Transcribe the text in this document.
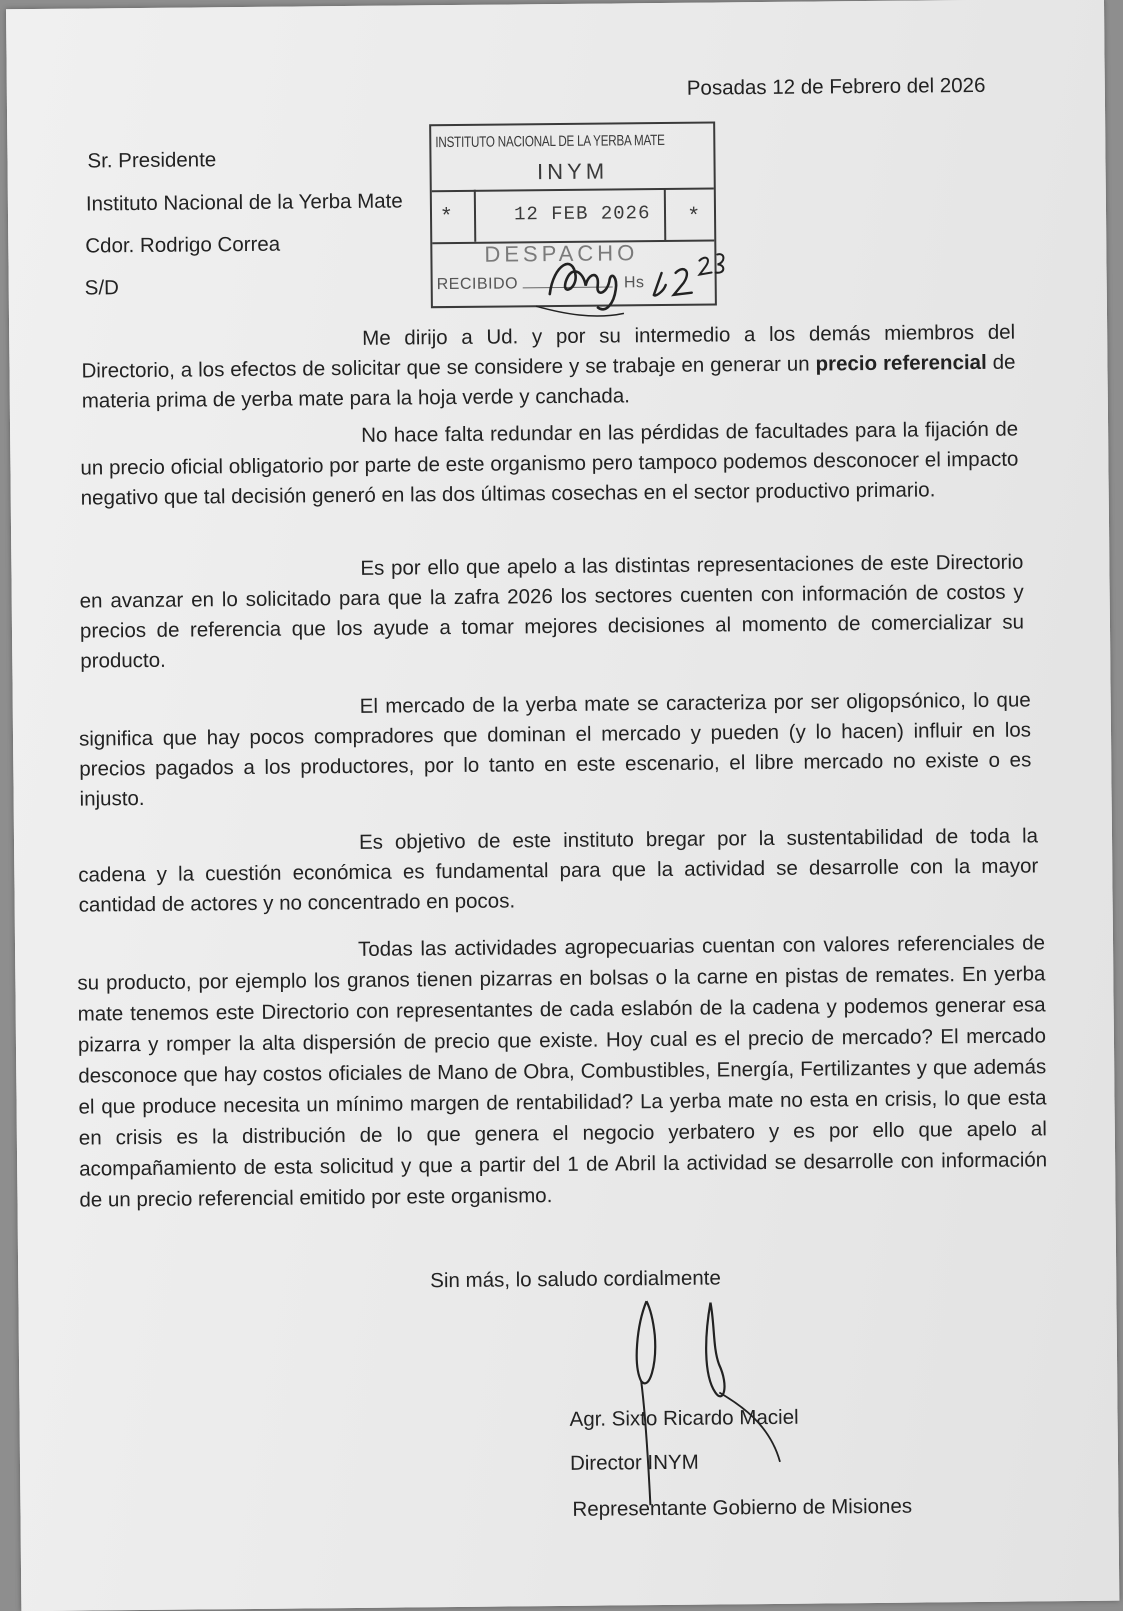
Posadas 12 de Febrero del 2026
Sr. Presidente
Instituto Nacional de la Yerba Mate
Cdor. Rodrigo Correa
S/D
INSTITUTO NACIONAL DE LA YERBA MATE
INYM
*	12 FEB 2026 *
DESPACHO
RECIBIDO	Hs
Me dirijo a Ud. y por su intermedio a los demás miembros del Directorio, a los efectos de solicitar que se considere y se trabaje en generar un precio referencial de materia prima de yerba mate para la hoja verde y canchada.
No hace falta redundar en las pérdidas de facultades para la fijación de un precio oficial obligatorio por parte de este organismo pero tampoco podemos desconocer el impacto negativo que tal decisión generó en las dos últimas cosechas en el sector productivo primario.
Es por ello que apelo a las distintas representaciones de este Directorio en avanzar en lo solicitado para que la zafra 2026 los sectores cuenten con información de costos y precios de referencia que los ayude a tomar mejores decisiones al momento de comercializar su producto.
El mercado de la yerba mate se caracteriza por ser oligopsónico, lo que significa que hay pocos compradores que dominan el mercado y pueden (y lo hacen) influir en los precios pagados a los productores, por lo tanto en este escenario, el libre mercado no existe o es injusto.
Es objetivo de este instituto bregar por la sustentabilidad de toda la cadena y la cuestión económica es fundamental para que la actividad se desarrolle con la mayor cantidad de actores y no concentrado en pocos.
Todas las actividades agropecuarias cuentan con valores referenciales de su producto, por ejemplo los granos tienen pizarras en bolsas o la carne en pistas de remates. En yerba mate tenemos este Directorio con representantes de cada eslabón de la cadena y podemos generar esa pizarra y romper la alta dispersión de precio que existe. Hoy cual es el precio de mercado? El mercado desconoce que hay costos oficiales de Mano de Obra, Combustibles, Energía, Fertilizantes y que además el que produce necesita un mínimo margen de rentabilidad? La yerba mate no esta en crisis, lo que esta en crisis es la distribución de lo que genera el negocio yerbatero y es por ello que apelo al acompañamiento de esta solicitud y que a partir del 1 de Abril la actividad se desarrolle con información de un precio referencial emitido por este organismo.
Sin más, lo saludo cordialmente
Agr. Sixto Ricardo Maciel
Director INYM
Representante Gobierno de Misiones
